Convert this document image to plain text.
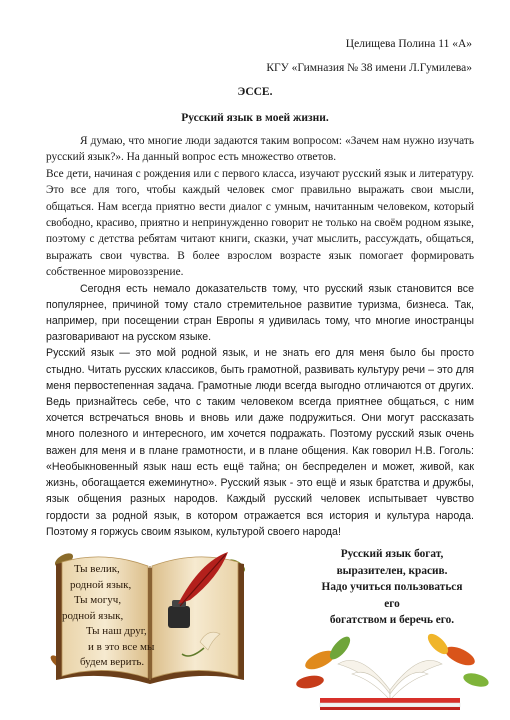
Целищева Полина 11 «А»
КГУ «Гимназия № 38 имени Л.Гумилева»
ЭССЕ.
Русский язык в моей жизни.

Я думаю, что многие люди задаются таким вопросом: «Зачем нам нужно изучать русский язык?». На данный вопрос есть множество ответов.

Все дети, начиная с рождения или с первого класса, изучают русский язык и литературу. Это все для того, чтобы каждый человек смог правильно выражать свои мысли, общаться. Нам всегда приятно вести диалог с умным, начитанным человеком, который свободно, красиво, приятно и непринужденно говорит не только на своём родном языке, поэтому с детства ребятам читают книги, сказки, учат мыслить, рассуждать, общаться, выражать свои чувства. В более взрослом возрасте язык помогает формировать собственное мировоззрение.

Сегодня есть немало доказательств тому, что русский язык становится все популярнее, причиной тому стало стремительное развитие туризма, бизнеса. Так, например, при посещении стран Европы я удивилась тому, что многие иностранцы разговаривают на русском языке.

Русский язык — это мой родной язык, и не знать его для меня было бы просто стыдно. Читать русских классиков, быть грамотной, развивать культуру речи – это для меня первостепенная задача. Грамотные люди всегда выгодно отличаются от других. Ведь признайтесь себе, что с таким человеком всегда приятнее общаться, с ним хочется встречаться вновь и вновь или даже подружиться. Они могут рассказать много полезного и интересного, им хочется подражать. Поэтому русский язык очень важен для меня и в плане грамотности, и в плане общения. Как говорил Н.В. Гоголь: «Необыкновенный язык наш есть ещё тайна; он беспределен и может, живой, как жизнь, обогащается ежеминутно». Русский язык - это ещё и язык братства и дружбы, язык общения разных народов. Каждый русский человек испытывает чувство гордости за родной язык, в котором отражается вся история и культура народа. Поэтому я горжусь своим языком, культурой своего народа!

Ты велик,
родной язык,
Ты могуч,
родной язык,
Ты наш друг,
и в это все мы
будем верить.
Русский язык богат,
выразителен, красив.
Надо учиться пользоваться
его
богатством и беречь его.
